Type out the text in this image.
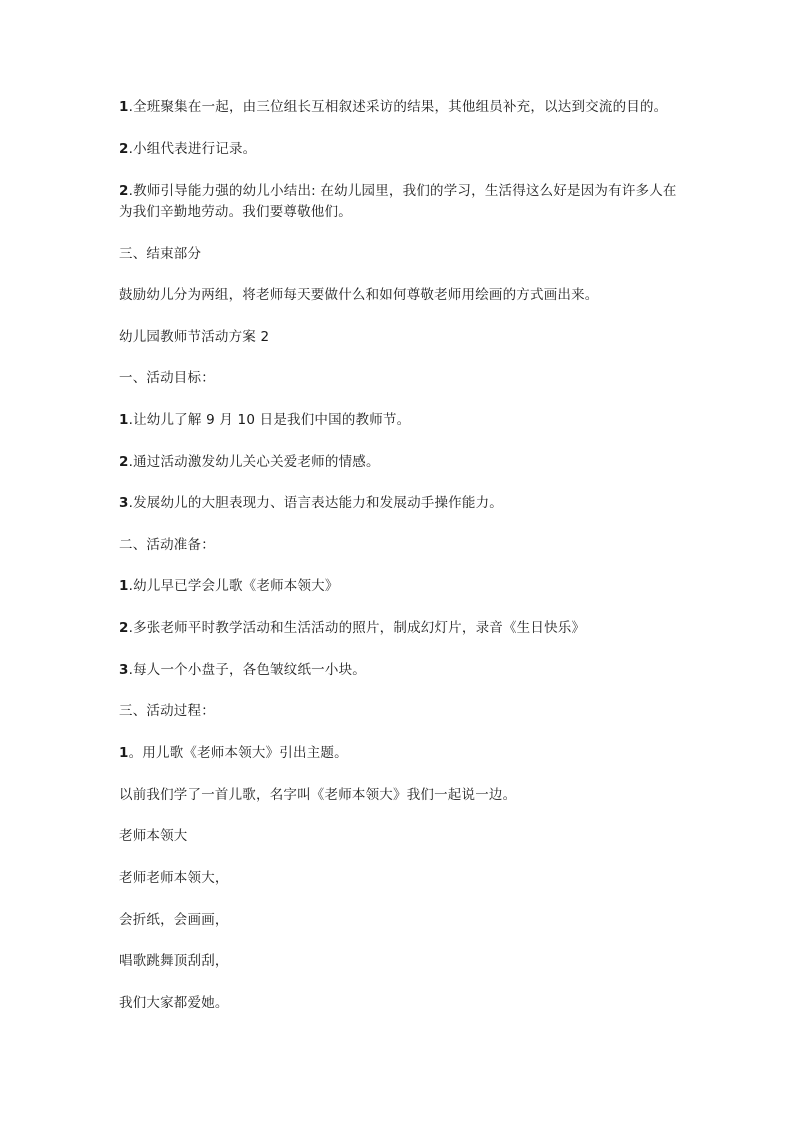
1.全班聚集在一起，由三位组长互相叙述采访的结果，其他组员补充，以达到交流的目的。

2.小组代表进行记录。

2.教师引导能力强的幼儿小结出: 在幼儿园里，我们的学习，生活得这么好是因为有许多人在为我们辛勤地劳动。我们要尊敬他们。

三、结束部分

鼓励幼儿分为两组，将老师每天要做什么和如何尊敬老师用绘画的方式画出来。

幼儿园教师节活动方案 2

一、活动目标：

1.让幼儿了解 9 月 10 日是我们中国的教师节。

2.通过活动激发幼儿关心关爱老师的情感。

3.发展幼儿的大胆表现力、语言表达能力和发展动手操作能力。

二、活动准备：

1.幼儿早已学会儿歌《老师本领大》

2.多张老师平时教学活动和生活活动的照片，制成幻灯片，录音《生日快乐》

3.每人一个小盘子，各色皱纹纸一小块。

三、活动过程：

1。用儿歌《老师本领大》引出主题。

以前我们学了一首儿歌，名字叫《老师本领大》我们一起说一边。

老师本领大

老师老师本领大，

会折纸，会画画，

唱歌跳舞顶刮刮，

我们大家都爱她。
